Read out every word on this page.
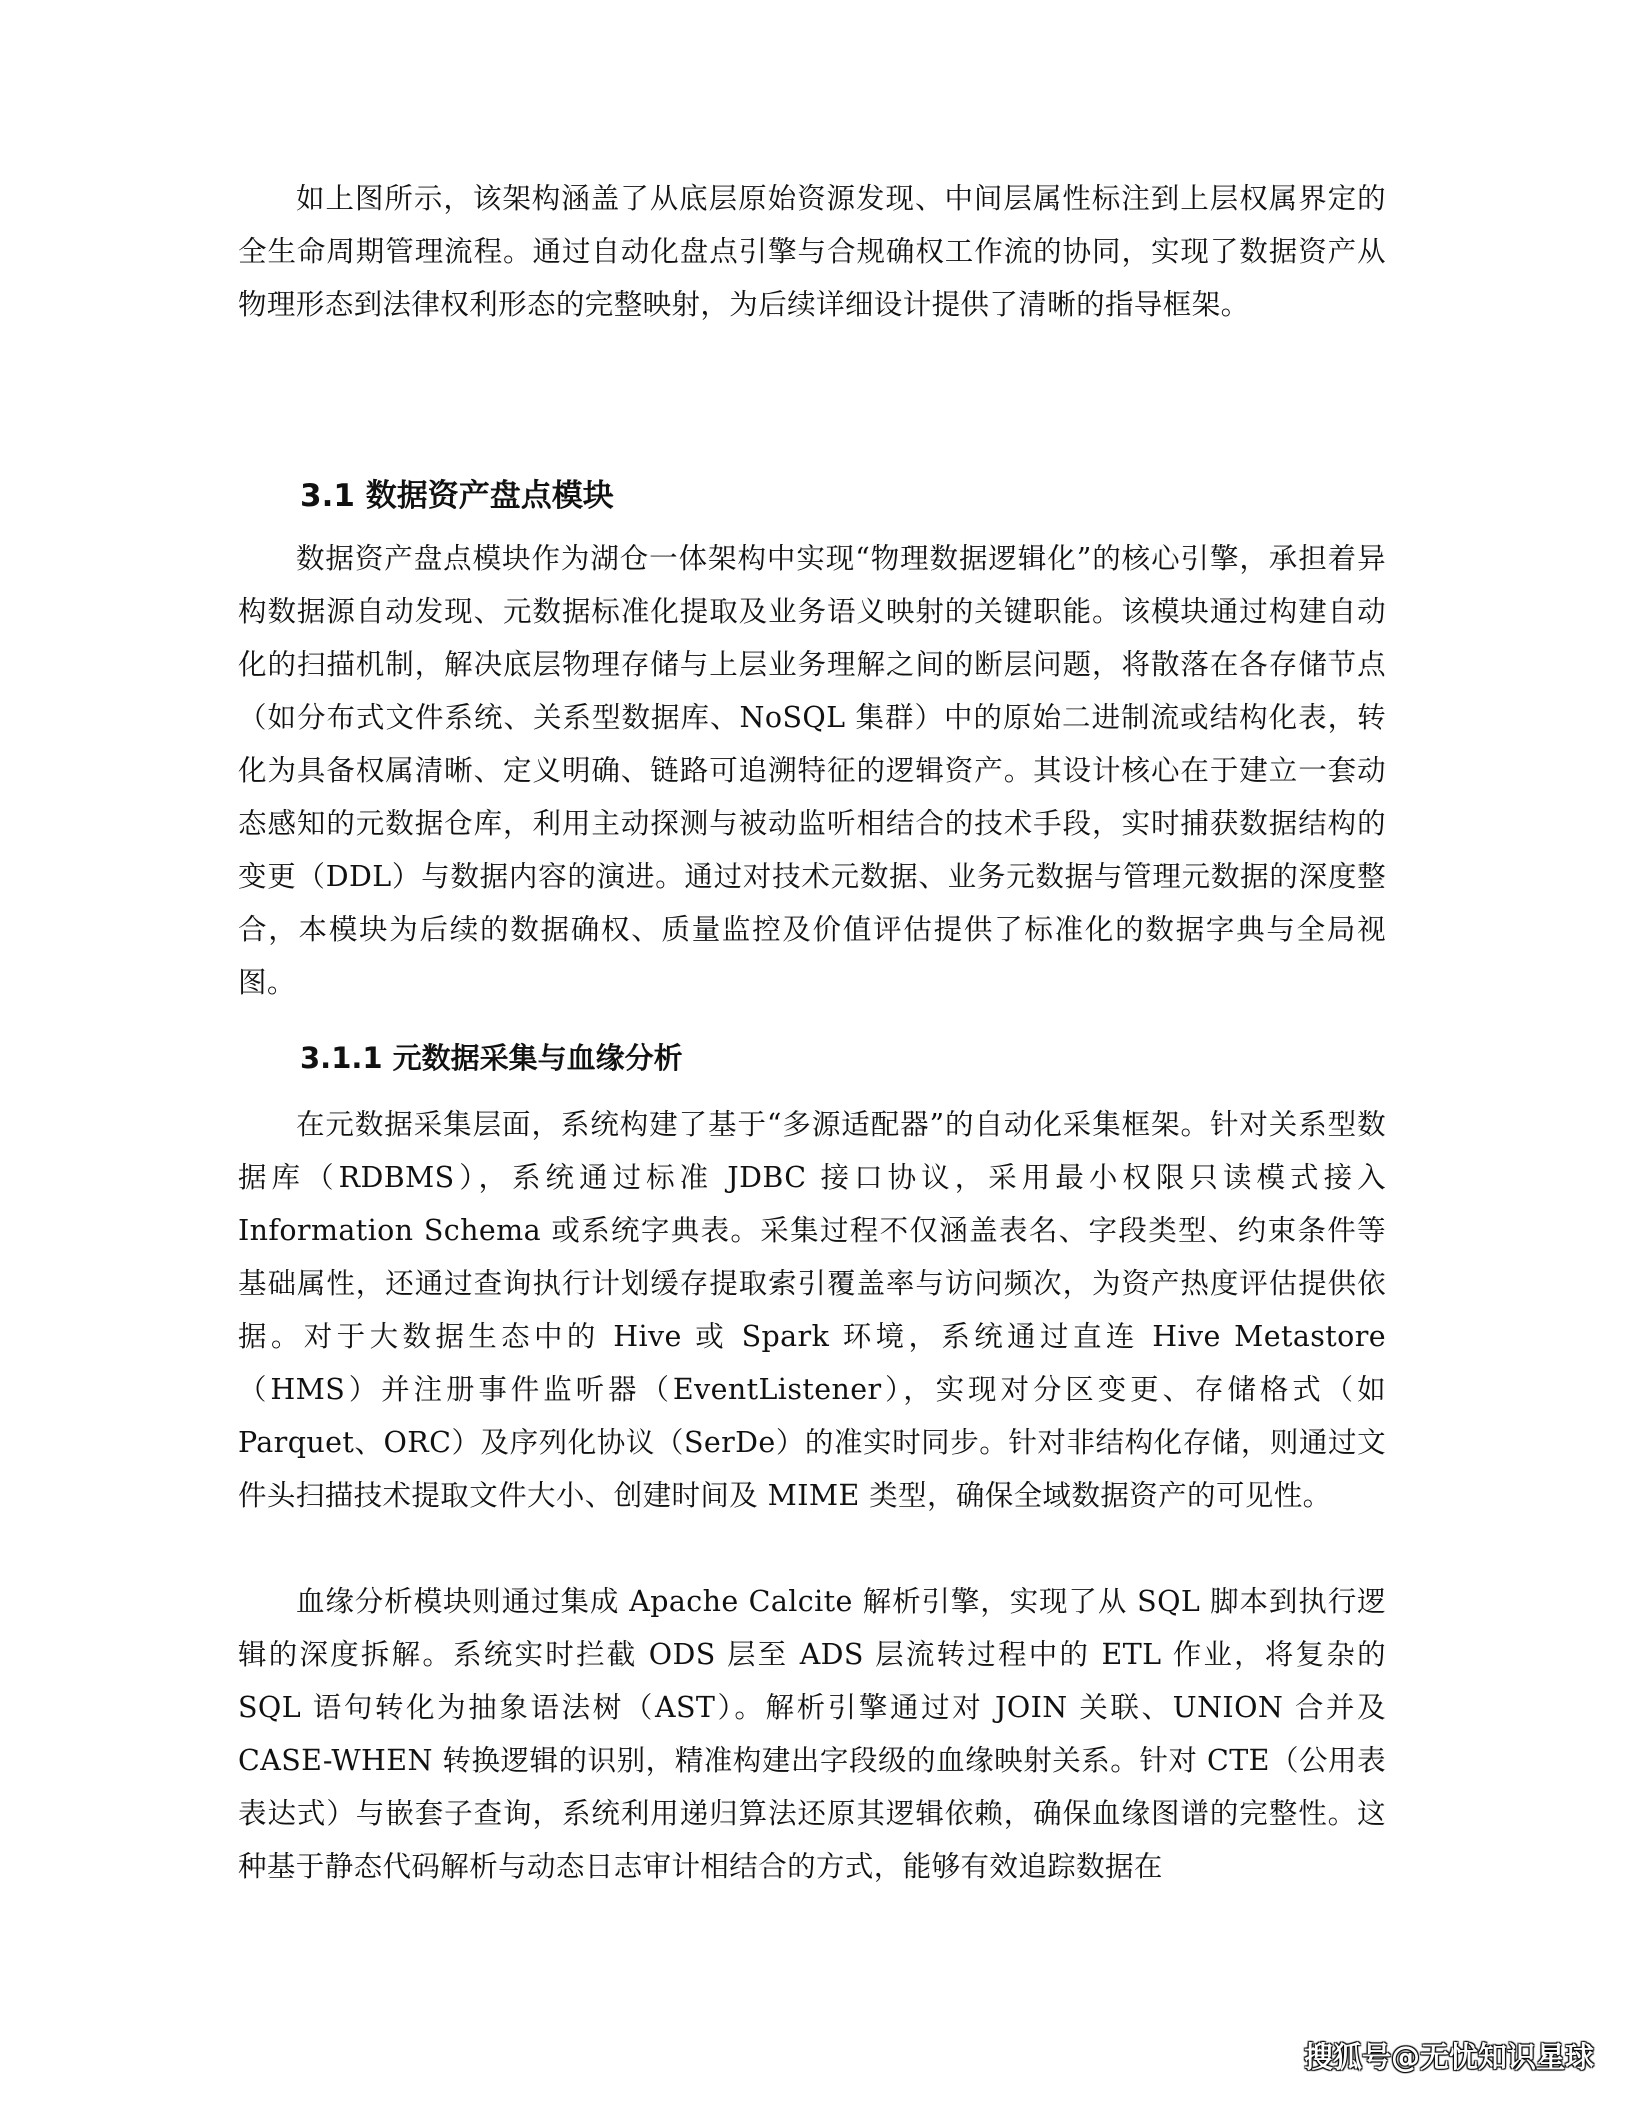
如上图所示，该架构涵盖了从底层原始资源发现、中间层属性标注到上层权属界定的全生命周期管理流程。通过自动化盘点引擎与合规确权工作流的协同，实现了数据资产从物理形态到法律权利形态的完整映射，为后续详细设计提供了清晰的指导框架。

3.1 数据资产盘点模块

数据资产盘点模块作为湖仓一体架构中实现“物理数据逻辑化”的核心引擎，承担着异构数据源自动发现、元数据标准化提取及业务语义映射的关键职能。该模块通过构建自动化的扫描机制，解决底层物理存储与上层业务理解之间的断层问题，将散落在各存储节点（如分布式文件系统、关系型数据库、NoSQL 集群）中的原始二进制流或结构化表，转化为具备权属清晰、定义明确、链路可追溯特征的逻辑资产。其设计核心在于建立一套动态感知的元数据仓库，利用主动探测与被动监听相结合的技术手段，实时捕获数据结构的变更（DDL）与数据内容的演进。通过对技术元数据、业务元数据与管理元数据的深度整合，本模块为后续的数据确权、质量监控及价值评估提供了标准化的数据字典与全局视图。

3.1.1 元数据采集与血缘分析

在元数据采集层面，系统构建了基于“多源适配器”的自动化采集框架。针对关系型数据库（RDBMS），系统通过标准 JDBC 接口协议，采用最小权限只读模式接入 Information Schema 或系统字典表。采集过程不仅涵盖表名、字段类型、约束条件等基础属性，还通过查询执行计划缓存提取索引覆盖率与访问频次，为资产热度评估提供依据。对于大数据生态中的 Hive 或 Spark 环境，系统通过直连 Hive Metastore（HMS）并注册事件监听器（EventListener），实现对分区变更、存储格式（如 Parquet、ORC）及序列化协议（SerDe）的准实时同步。针对非结构化存储，则通过文件头扫描技术提取文件大小、创建时间及 MIME 类型，确保全域数据资产的可见性。

血缘分析模块则通过集成 Apache Calcite 解析引擎，实现了从 SQL 脚本到执行逻辑的深度拆解。系统实时拦截 ODS 层至 ADS 层流转过程中的 ETL 作业，将复杂的 SQL 语句转化为抽象语法树（AST）。解析引擎通过对 JOIN 关联、UNION 合并及 CASE-WHEN 转换逻辑的识别，精准构建出字段级的血缘映射关系。针对 CTE（公用表表达式）与嵌套子查询，系统利用递归算法还原其逻辑依赖，确保血缘图谱的完整性。这种基于静态代码解析与动态日志审计相结合的方式，能够有效追踪数据在

搜狐号@无忧知识星球
